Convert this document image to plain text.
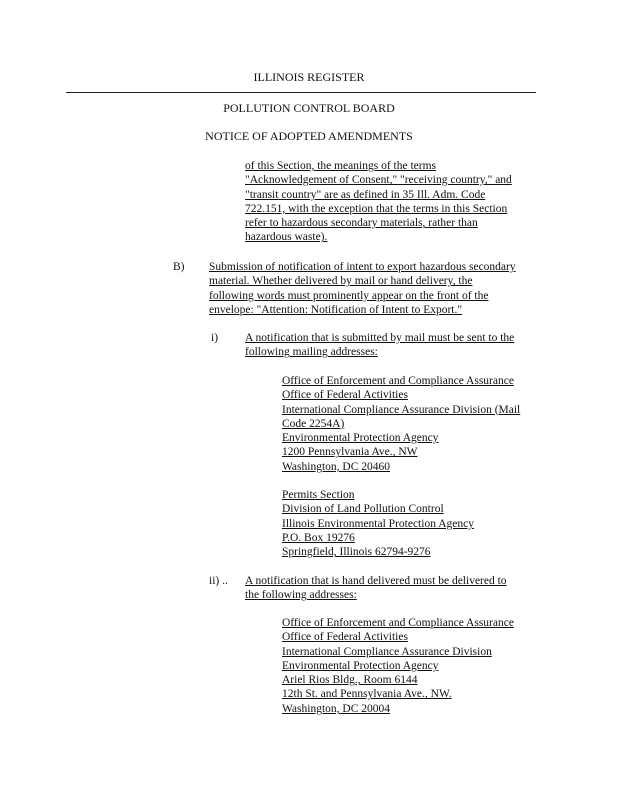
ILLINOIS REGISTER
POLLUTION CONTROL BOARD
NOTICE OF ADOPTED AMENDMENTS
of this Section, the meanings of the terms
"Acknowledgement of Consent," "receiving country," and
"transit country" are as defined in 35 Ill. Adm. Code
722.151, with the exception that the terms in this Section
refer to hazardous secondary materials, rather than
hazardous waste).
B) Submission of notification of intent to export hazardous secondary
material. Whether delivered by mail or hand delivery, the
following words must prominently appear on the front of the
envelope: "Attention: Notification of Intent to Export."
i) A notification that is submitted by mail must be sent to the
following mailing addresses:
Office of Enforcement and Compliance Assurance
Office of Federal Activities
International Compliance Assurance Division (Mail
Code 2254A)
Environmental Protection Agency
1200 Pennsylvania Ave., NW
Washington, DC 20460
Permits Section
Division of Land Pollution Control
Illinois Environmental Protection Agency
P.O. Box 19276
Springfield, Illinois 62794-9276
ii) .. A notification that is hand delivered must be delivered to
the following addresses:
Office of Enforcement and Compliance Assurance
Office of Federal Activities
International Compliance Assurance Division
Environmental Protection Agency
Ariel Rios Bldg., Room 6144
12th St. and Pennsylvania Ave., NW.
Washington, DC 20004
